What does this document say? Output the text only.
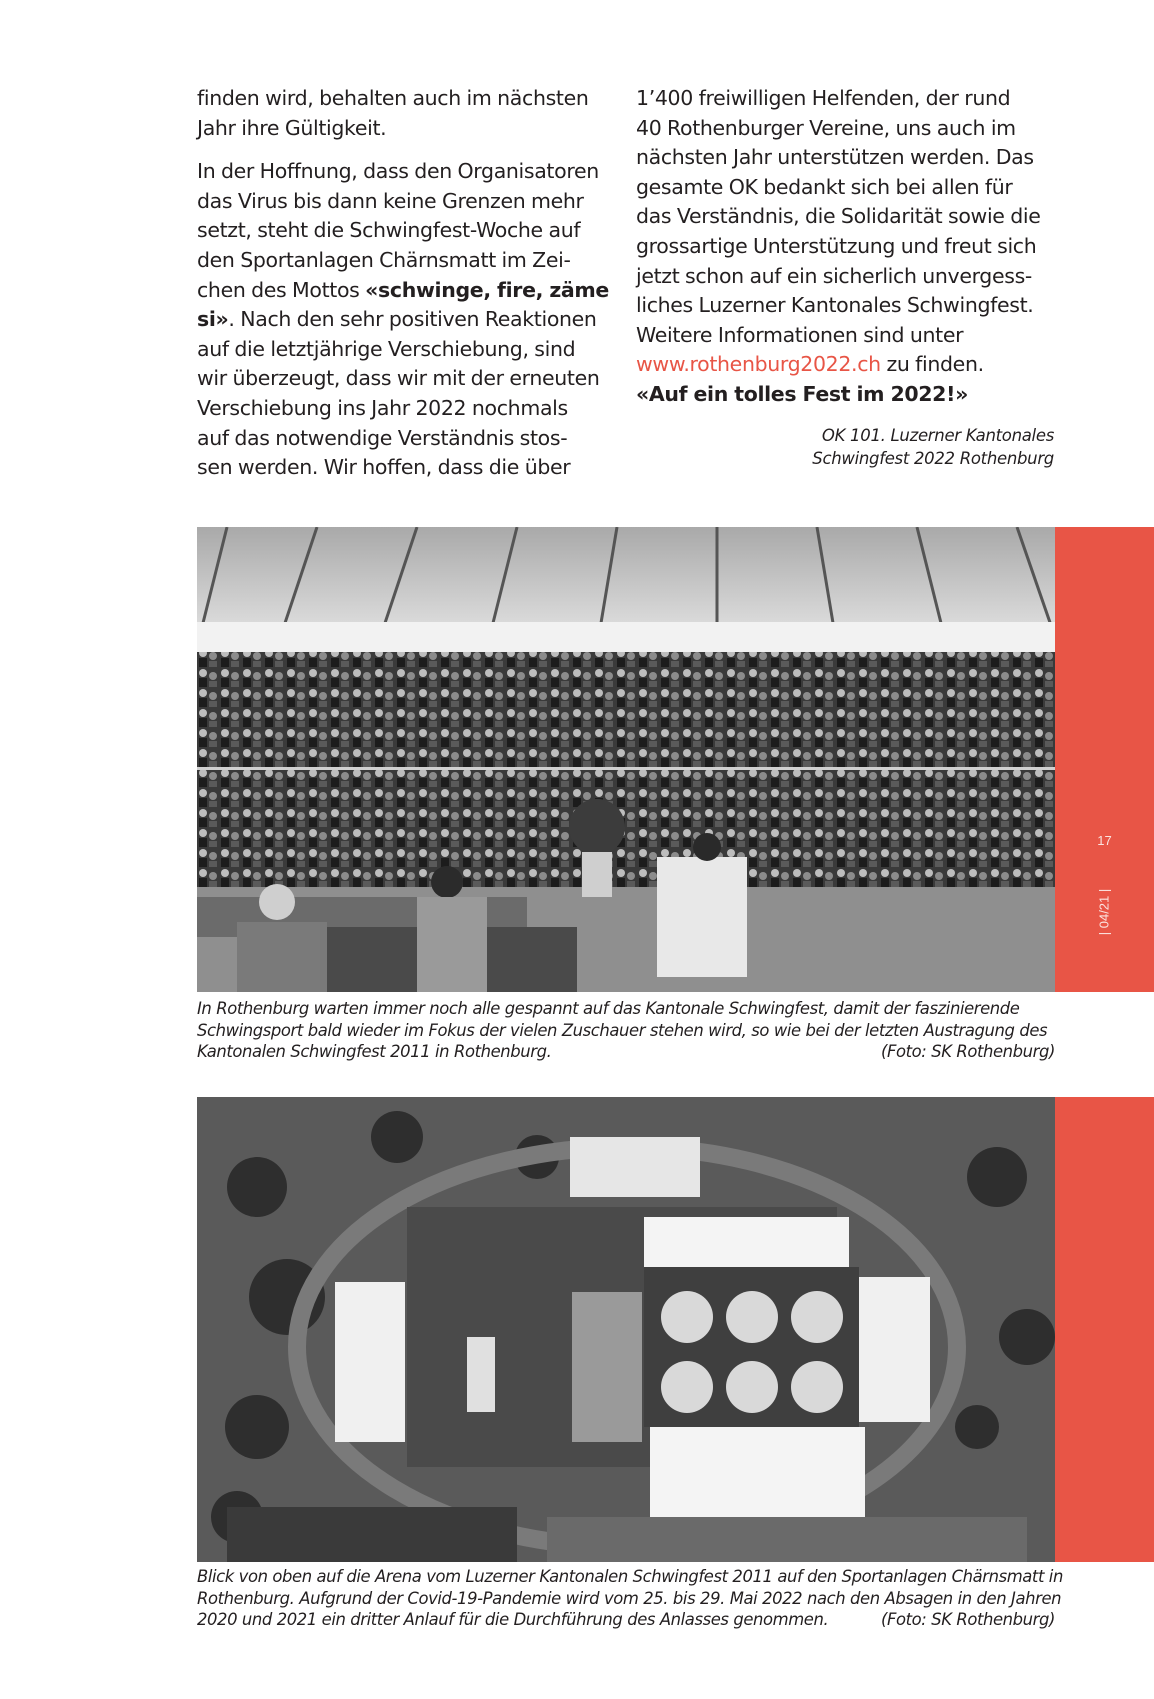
finden wird, behalten auch im nächsten
Jahr ihre Gültigkeit.

In der Hoffnung, dass den Organisatoren
das Virus bis dann keine Grenzen mehr
setzt, steht die Schwingfest-Woche auf
den Sportanlagen Chärnsmatt im Zei-
chen des Mottos «schwinge, fire, zäme
si». Nach den sehr positiven Reaktionen
auf die letztjährige Verschiebung, sind
wir überzeugt, dass wir mit der erneuten
Verschiebung ins Jahr 2022 nochmals
auf das notwendige Verständnis stos-
sen werden. Wir hoffen, dass die über

1’400 freiwilligen Helfenden, der rund
40 Rothenburger Vereine, uns auch im
nächsten Jahr unterstützen werden. Das
gesamte OK bedankt sich bei allen für
das Verständnis, die Solidarität sowie die
grossartige Unterstützung und freut sich
jetzt schon auf ein sicherlich unvergess-
liches Luzerner Kantonales Schwingfest.
Weitere Informationen sind unter
www.rothenburg2022.ch zu finden.
«Auf ein tolles Fest im 2022!»

OK 101. Luzerner Kantonales
Schwingfest 2022 Rothenburg
17
| 04/21 |
In Rothenburg warten immer noch alle gespannt auf das Kantonale Schwingfest, damit der faszinierende
Schwingsport bald wieder im Fokus der vielen Zuschauer stehen wird, so wie bei der letzten Austragung des
Kantonalen Schwingfest 2011 in Rothenburg.	(Foto: SK Rothenburg)
Blick von oben auf die Arena vom Luzerner Kantonalen Schwingfest 2011 auf den Sportanlagen Chärnsmatt in
Rothenburg. Aufgrund der Covid-19-Pandemie wird vom 25. bis 29. Mai 2022 nach den Absagen in den Jahren
2020 und 2021 ein dritter Anlauf für die Durchführung des Anlasses genommen.	(Foto: SK Rothenburg)
